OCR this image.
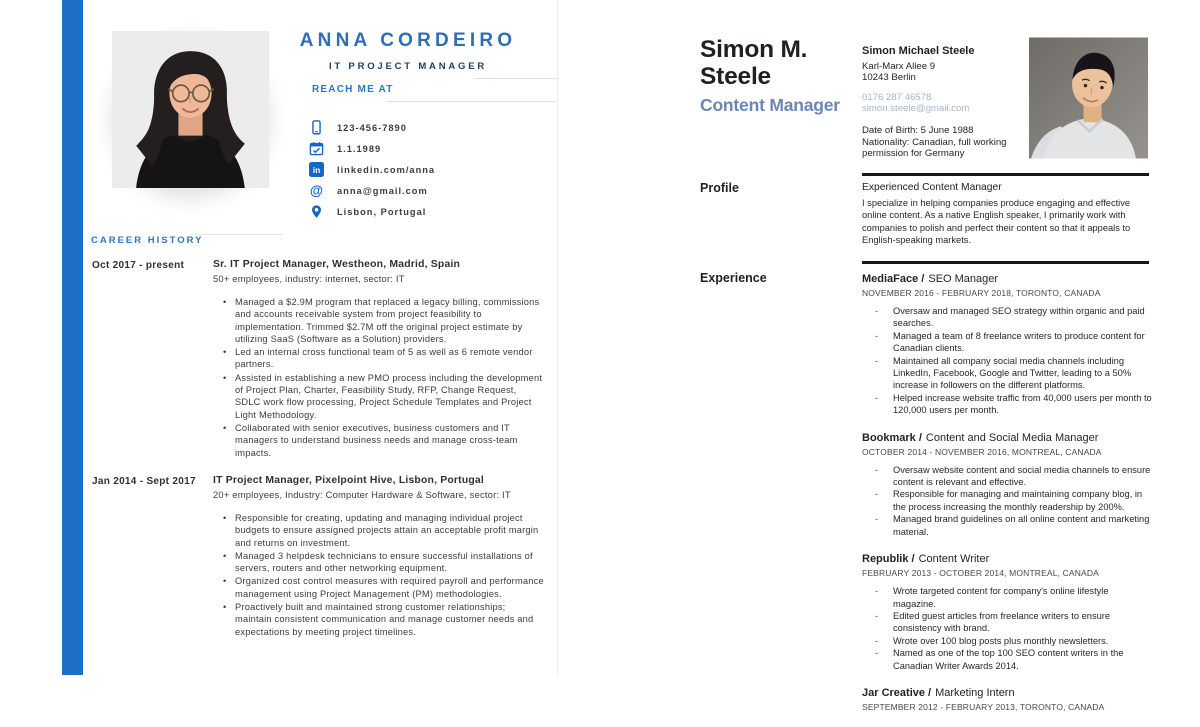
ANNA CORDEIRO
IT PROJECT MANAGER
REACH ME AT
123-456-7890
1.1.1989
in	linkedin.com/anna
@ anna@gmail.com
Lisbon, Portugal
CAREER HISTORY
Oct 2017 - present	Sr. IT Project Manager, Westheon, Madrid, Spain
50+ employees, industry: internet, sector: IT
• Managed a $2.9M program that replaced a legacy billing, commissions and accounts receivable system from project feasibility to implementation. Trimmed $2.7M off the original project estimate by utilizing SaaS (Software as a Solution) providers.
• Led an internal cross functional team of 5 as well as 6 remote vendor partners.
• Assisted in establishing a new PMO process including the development of Project Plan, Charter, Feasibility Study, RFP, Change Request, SDLC work flow processing, Project Schedule Templates and Project Light Methodology.
• Collaborated with senior executives, business customers and IT managers to understand business needs and manage cross-team impacts.
Jan 2014 - Sept 2017	IT Project Manager, Pixelpoint Hive, Lisbon, Portugal
20+ employees, Industry: Computer Hardware & Software, sector: IT
• Responsible for creating, updating and managing individual project budgets to ensure assigned projects attain an acceptable profit margin and returns on investment.
• Managed 3 helpdesk technicians to ensure successful installations of servers, routers and other networking equipment.
• Organized cost control measures with required payroll and performance management using Project Management (PM) methodologies.
• Proactively built and maintained strong customer relationships; maintain consistent communication and manage customer needs and expectations by meeting project timelines.
Simon M.
Steele
Content Manager
Simon Michael Steele
Karl-Marx Allee 9
10243 Berlin
0176 287 46578
simon.steele@gmail.com
Date of Birth: 5 June 1988
Nationality: Canadian, full working permission for Germany
Profile	Experienced Content Manager
I specialize in helping companies produce engaging and effective online content. As a native English speaker, I primarily work with companies to polish and perfect their content so that it appeals to English-speaking markets.
Experience	MediaFace / SEO Manager
NOVEMBER 2016 - FEBRUARY 2018, TORONTO, CANADA
- Oversaw and managed SEO strategy within organic and paid searches.
- Managed a team of 8 freelance writers to produce content for Canadian clients.
- Maintained all company social media channels including LinkedIn, Facebook, Google and Twitter, leading to a 50% increase in followers on the different platforms.
- Helped increase website traffic from 40,000 users per month to 120,000 users per month.
Bookmark / Content and Social Media Manager
OCTOBER 2014 - NOVEMBER 2016, MONTREAL, CANADA
- Oversaw website content and social media channels to ensure content is relevant and effective.
- Responsible for managing and maintaining company blog, in the process increasing the monthly readership by 200%.
- Managed brand guidelines on all online content and marketing material.
Republik / Content Writer
FEBRUARY 2013 - OCTOBER 2014, MONTREAL, CANADA
- Wrote targeted content for company's online lifestyle magazine.
- Edited guest articles from freelance writers to ensure consistency with brand.
- Wrote over 100 blog posts plus monthly newsletters.
- Named as one of the top 100 SEO content writers in the Canadian Writer Awards 2014.
Jar Creative / Marketing Intern
SEPTEMBER 2012 - FEBRUARY 2013, TORONTO, CANADA
